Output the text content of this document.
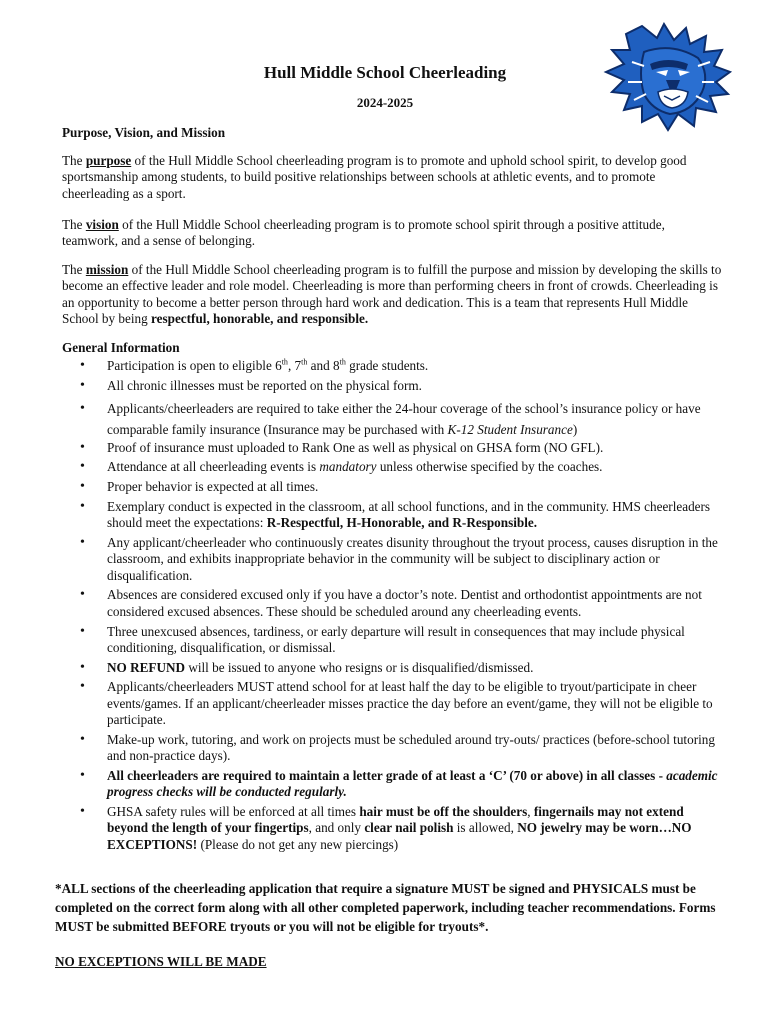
Hull Middle School Cheerleading
2024-2025
Purpose, Vision, and Mission
The purpose of the Hull Middle School cheerleading program is to promote and uphold school spirit, to develop good sportsmanship among students, to build positive relationships between schools at athletic events, and to promote cheerleading as a sport.
The vision of the Hull Middle School cheerleading program is to promote school spirit through a positive attitude, teamwork, and a sense of belonging.
The mission of the Hull Middle School cheerleading program is to fulfill the purpose and mission by developing the skills to become an effective leader and role model. Cheerleading is more than performing cheers in front of crowds. Cheerleading is an opportunity to become a better person through hard work and dedication. This is a team that represents Hull Middle School by being respectful, honorable, and responsible.
General Information
• Participation is open to eligible 6th, 7th and 8th grade students.
• All chronic illnesses must be reported on the physical form.
• Applicants/cheerleaders are required to take either the 24-hour coverage of the school’s insurance policy or have comparable family insurance (Insurance may be purchased with K-12 Student Insurance)
• Proof of insurance must uploaded to Rank One as well as physical on GHSA form (NO GFL).
• Attendance at all cheerleading events is mandatory unless otherwise specified by the coaches.
• Proper behavior is expected at all times.
• Exemplary conduct is expected in the classroom, at all school functions, and in the community. HMS cheerleaders should meet the expectations: R-Respectful, H-Honorable, and R-Responsible.
• Any applicant/cheerleader who continuously creates disunity throughout the tryout process, causes disruption in the classroom, and exhibits inappropriate behavior in the community will be subject to disciplinary action or disqualification.
• Absences are considered excused only if you have a doctor’s note. Dentist and orthodontist appointments are not considered excused absences. These should be scheduled around any cheerleading events.
• Three unexcused absences, tardiness, or early departure will result in consequences that may include physical conditioning, disqualification, or dismissal.
• NO REFUND will be issued to anyone who resigns or is disqualified/dismissed.
• Applicants/cheerleaders MUST attend school for at least half the day to be eligible to tryout/participate in cheer events/games. If an applicant/cheerleader misses practice the day before an event/game, they will not be eligible to participate.
• Make-up work, tutoring, and work on projects must be scheduled around try-outs/ practices (before-school tutoring and non-practice days).
• All cheerleaders are required to maintain a letter grade of at least a ‘C’ (70 or above) in all classes - academic progress checks will be conducted regularly.
• GHSA safety rules will be enforced at all times hair must be off the shoulders, fingernails may not extend beyond the length of your fingertips, and only clear nail polish is allowed, NO jewelry may be worn…NO EXCEPTIONS! (Please do not get any new piercings)
*ALL sections of the cheerleading application that require a signature MUST be signed and PHYSICALS must be completed on the correct form along with all other completed paperwork, including teacher recommendations. Forms MUST be submitted BEFORE tryouts or you will not be eligible for tryouts*.
NO EXCEPTIONS WILL BE MADE
